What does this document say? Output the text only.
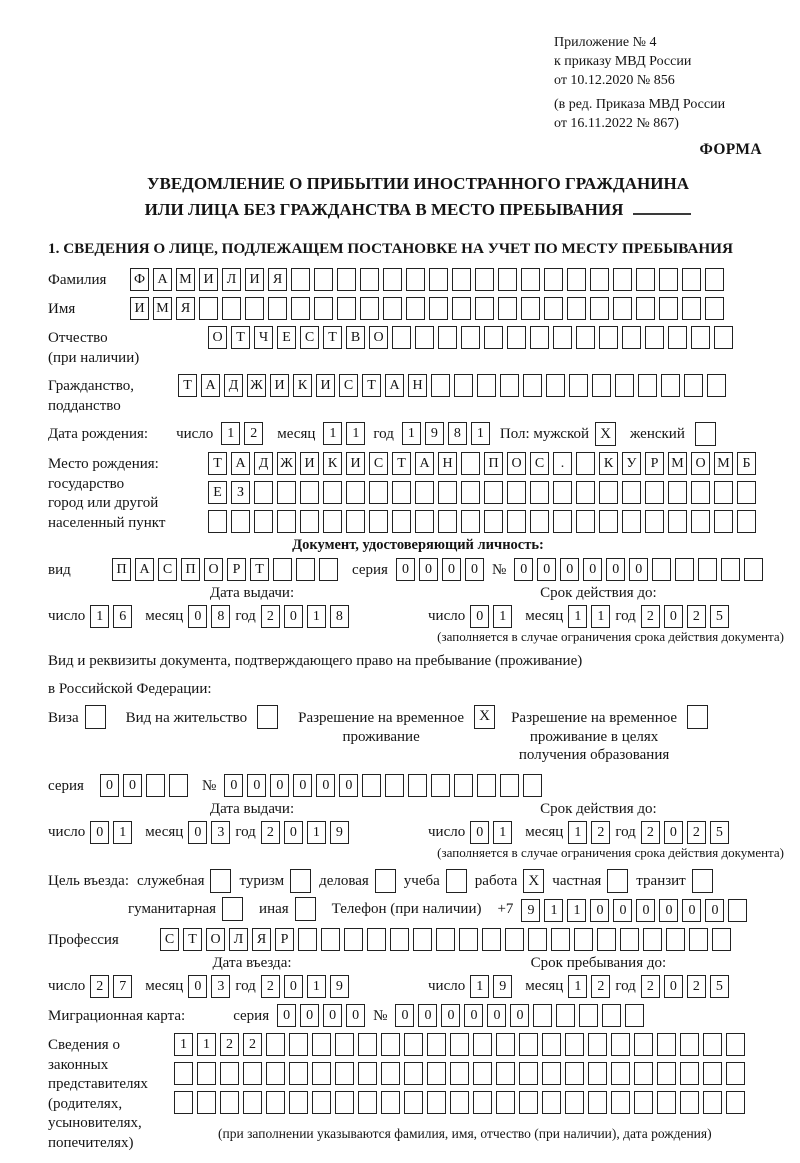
Приложение № 4
к приказу МВД России
от 10.12.2020 № 856
(в ред. Приказа МВД России
от 16.11.2022 № 867)
ФОРМА
УВЕДОМЛЕНИЕ О ПРИБЫТИИ ИНОСТРАННОГО ГРАЖДАНИНА
ИЛИ ЛИЦА БЕЗ ГРАЖДАНСТВА В МЕСТО ПРЕБЫВАНИЯ
1. СВЕДЕНИЯ О ЛИЦЕ, ПОДЛЕЖАЩЕМ ПОСТАНОВКЕ НА УЧЕТ ПО МЕСТУ ПРЕБЫВАНИЯ
Фамилия	Ф А М И Л И Я
Имя	И М Я
Отчество
(при наличии)
О Т	Ч	Е	С	Т	В О
Гражданство,
подданство
Т А Д Ж И К И С	Т А Н
Дата рождения: число	1	2	месяц	1	1 год	1	9	8	1	Пол: мужской X	женский
Место рождения:
государство
город или другой
населенный пункт
Т А Д Ж И К И С	Т А Н	П О С	.	К У	Р М О М Б
Е	З
Документ, удостоверяющий личность:
вид	П А С П О	Р	Т	серия	0	0	0	0 №	0	0	0	0	0	0
Дата выдачи:
число 1	6	месяц 0	8 год 2	0	1	8
Срок действия до:
число 0	1	месяц 1	1 год 2	0	2	5
(заполняется в случае ограничения срока действия документа)
Вид и реквизиты документа, подтверждающего право на пребывание (проживание)
в Российской Федерации:
Виза	Вид на жительство	Разрешение на временное
проживание
X	Разрешение на временное
проживание в целях
получения образования
серия	0	0	№	0	0	0	0	0	0
Дата выдачи:
число 0	1	месяц 0	3 год 2	0	1	9
Срок действия до:
число 0	1	месяц 1	2 год 2	0	2	5
(заполняется в случае ограничения срока действия документа)
Цель въезда: служебная туризм деловая учеба работа X частная транзит
гуманитарная	иная	Телефон (при наличии) +7	9	1	1	0	0	0	0	0	0
Профессия	С	Т О Л Я	Р
Дата въезда:
число 2	7	месяц 0	3 год 2	0	1	9
Срок пребывания до:
число 1	9	месяц 1	2 год 2	0	2	5
Миграционная карта:	серия	0	0	0	0 №	0	0	0	0	0	0
Сведения о
законных
представителях
(родителях,
усыновителях,
попечителях)
1	1	2	2
(при заполнении указываются фамилия, имя, отчество (при наличии), дата рождения)
